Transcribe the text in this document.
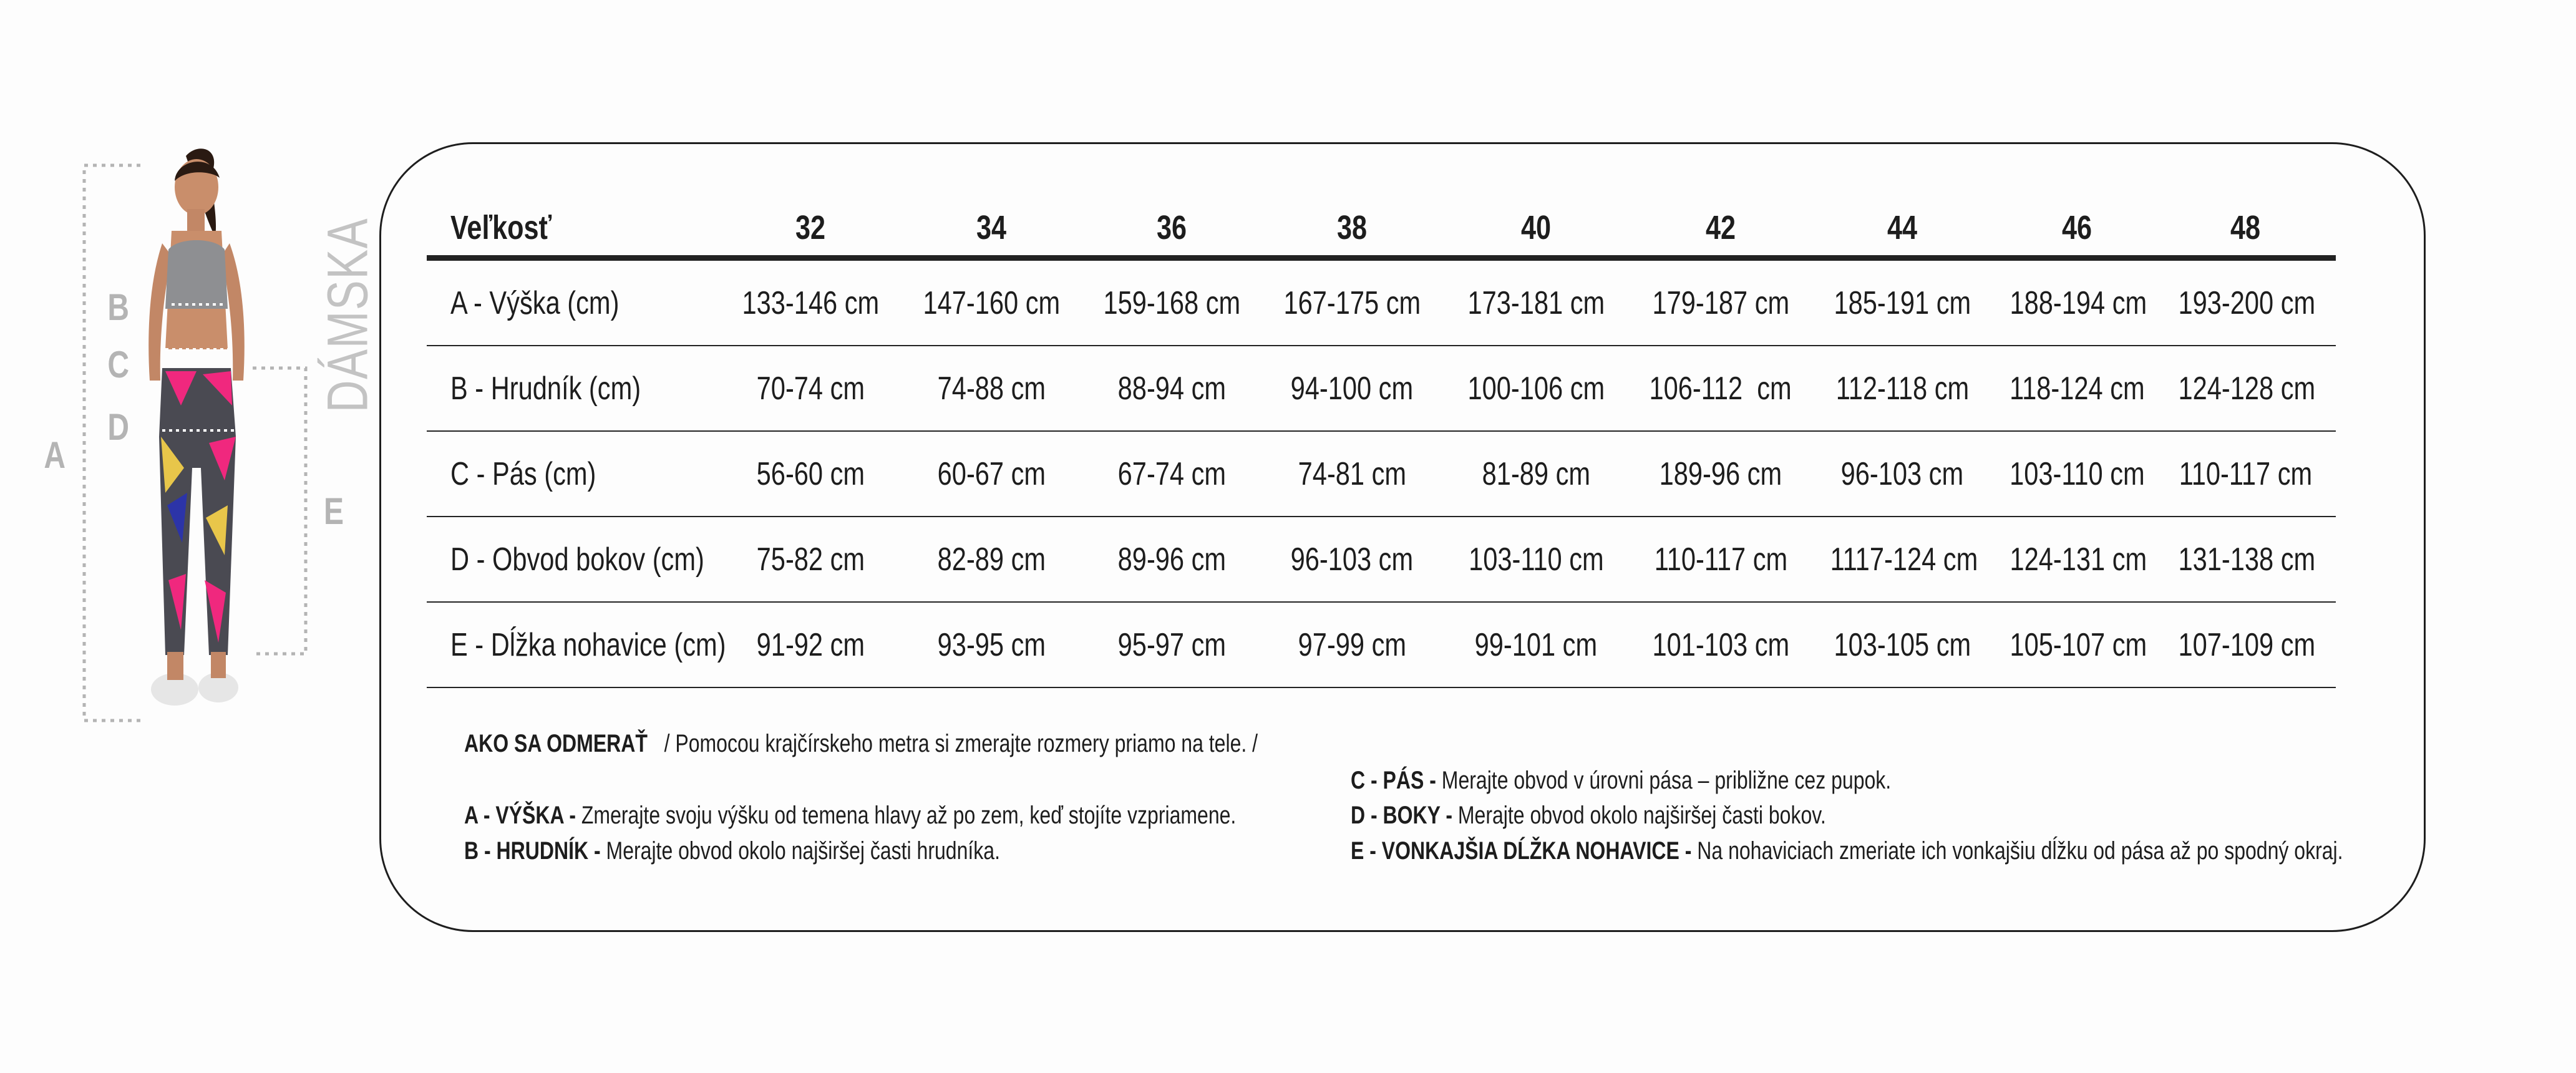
A
B
C
D
E
DÁMSKA	Veľkosť	32	34	36	38	40	42	44	46	48
A - Výška (cm)	133-146 cm	147-160 cm	159-168 cm	167-175 cm	173-181 cm	179-187 cm	185-191 cm	188-194 cm 193-200 cm
B - Hrudník (cm)	70-74 cm	74-88 cm	88-94 cm	94-100 cm	100-106 cm	106-112  cm	112-118 cm	118-124 cm	124-128 cm
C - Pás (cm)	56-60 cm	60-67 cm	67-74 cm	74-81 cm	81-89 cm	189-96 cm	96-103 cm	103-110 cm	110-117 cm
D - Obvod bokov (cm)	75-82 cm	82-89 cm	89-96 cm	96-103 cm	103-110 cm	110-117 cm	1117-124 cm 124-131 cm 131-138 cm
E - Dĺžka nohavice (cm) 91-92 cm	93-95 cm	95-97 cm	97-99 cm	99-101 cm	101-103 cm	103-105 cm	105-107 cm 107-109 cm
AKO SA ODMERAŤ / Pomocou krajčírskeho metra si zmerajte rozmery priamo na tele. /
A - VÝŠKA - Zmerajte svoju výšku od temena hlavy až po zem, keď stojíte vzpriamene.
B - HRUDNÍK - Merajte obvod okolo najširšej časti hrudníka.
C - PÁS - Merajte obvod v úrovni pása – približne cez pupok.
D - BOKY - Merajte obvod okolo najširšej časti bokov.
E - VONKAJŠIA DĹŽKA NOHAVICE - Na nohaviciach zmeriate ich vonkajšiu dĺžku od pása až po spodný okraj.
